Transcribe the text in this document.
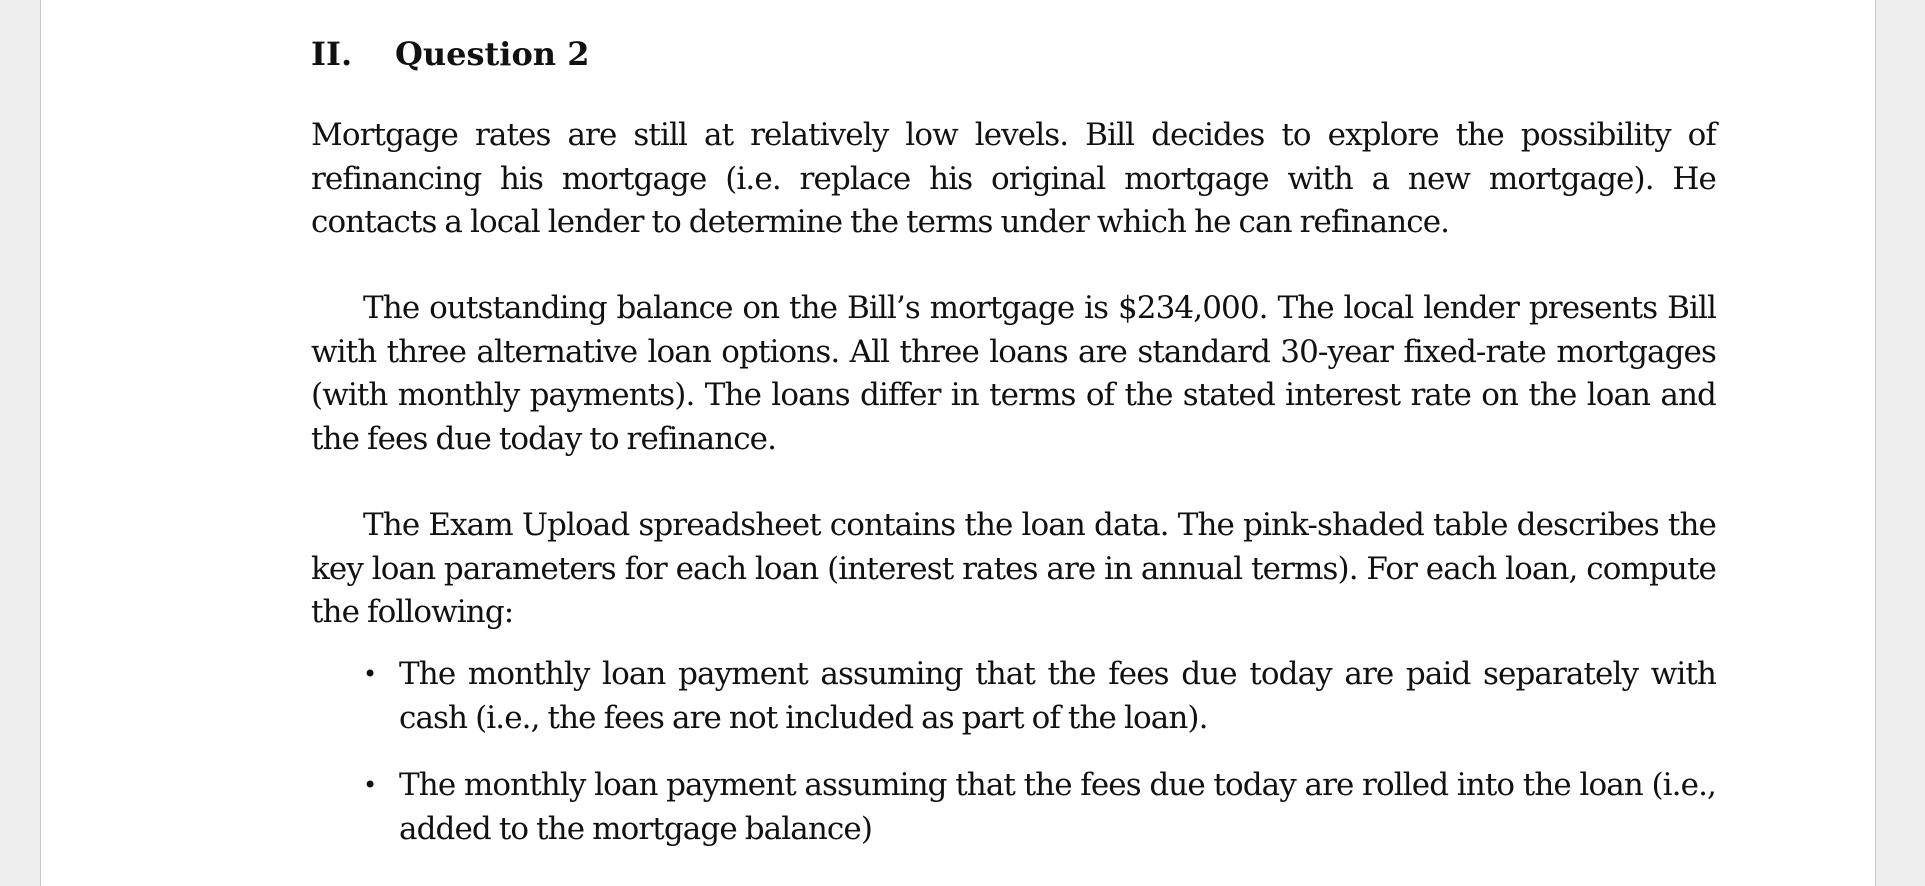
II. Question 2

Mortgage rates are still at relatively low levels. Bill decides to explore the possibility of refinancing his mortgage (i.e. replace his original mortgage with a new mortgage). He contacts a local lender to determine the terms under which he can refinance.

The outstanding balance on the Bill’s mortgage is $234,000. The local lender presents Bill with three alternative loan options. All three loans are standard 30-year fixed-rate mortgages (with monthly payments). The loans differ in terms of the stated interest rate on the loan and the fees due today to refinance.

The Exam Upload spreadsheet contains the loan data. The pink-shaded table describes the key loan parameters for each loan (interest rates are in annual terms). For each loan, compute the following:

• The monthly loan payment assuming that the fees due today are paid separately with cash (i.e., the fees are not included as part of the loan).
• The monthly loan payment assuming that the fees due today are rolled into the loan (i.e., added to the mortgage balance)
